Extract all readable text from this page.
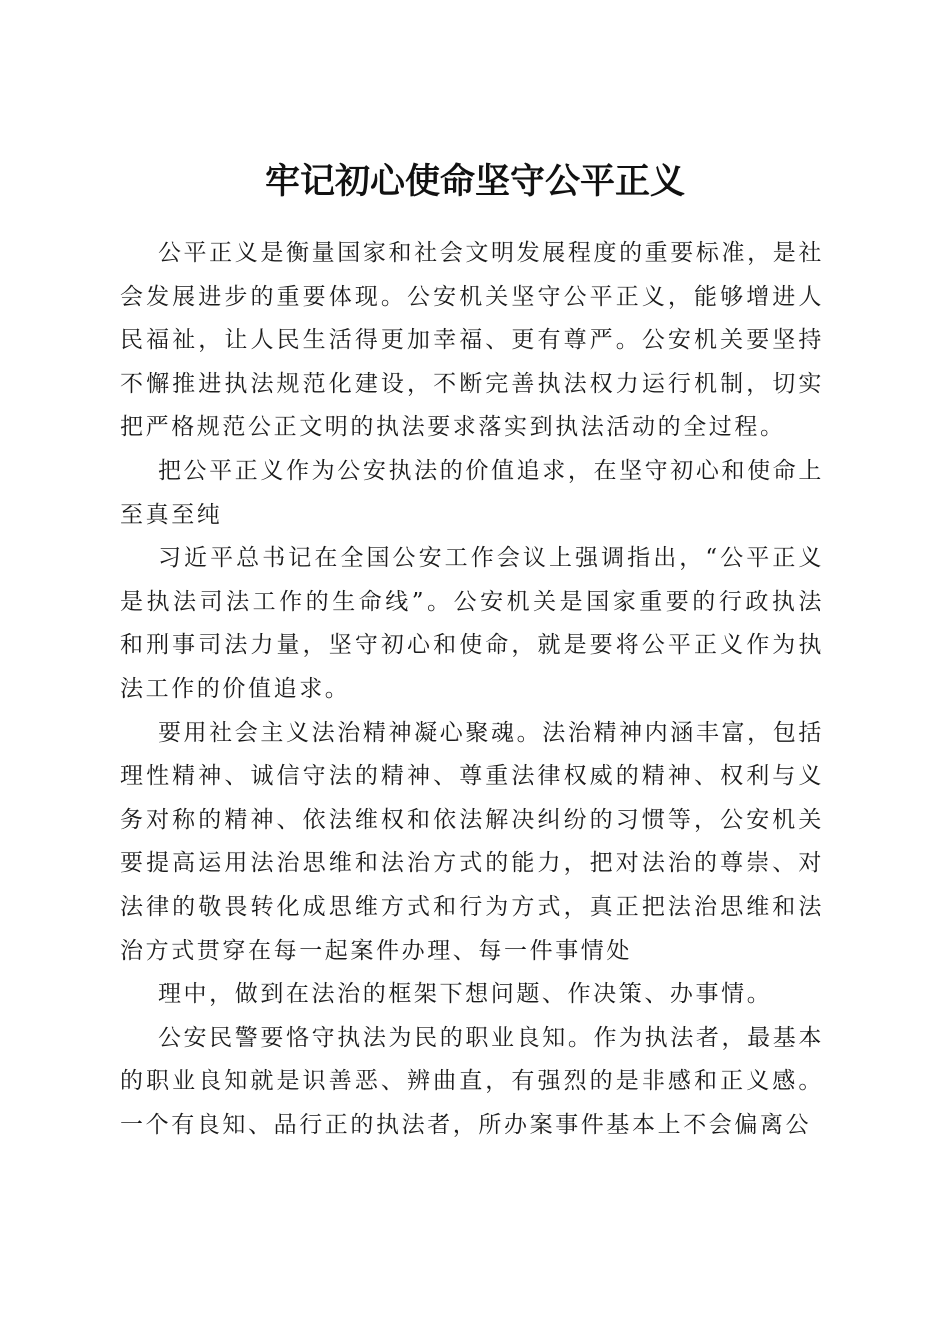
牢记初心使命坚守公平正义

公平正义是衡量国家和社会文明发展程度的重要标准，是社会发展进步的重要体现。公安机关坚守公平正义，能够增进人民福祉，让人民生活得更加幸福、更有尊严。公安机关要坚持不懈推进执法规范化建设，不断完善执法权力运行机制，切实把严格规范公正文明的执法要求落实到执法活动的全过程。

把公平正义作为公安执法的价值追求，在坚守初心和使命上至真至纯

习近平总书记在全国公安工作会议上强调指出，“公平正义是执法司法工作的生命线”。公安机关是国家重要的行政执法和刑事司法力量，坚守初心和使命，就是要将公平正义作为执法工作的价值追求。

要用社会主义法治精神凝心聚魂。法治精神内涵丰富，包括理性精神、诚信守法的精神、尊重法律权威的精神、权利与义务对称的精神、依法维权和依法解决纠纷的习惯等，公安机关要提高运用法治思维和法治方式的能力，把对法治的尊崇、对法律的敬畏转化成思维方式和行为方式，真正把法治思维和法治方式贯穿在每一起案件办理、每一件事情处

理中，做到在法治的框架下想问题、作决策、办事情。

公安民警要恪守执法为民的职业良知。作为执法者，最基本的职业良知就是识善恶、辨曲直，有强烈的是非感和正义感。一个有良知、品行正的执法者，所办案事件基本上不会偏离公
